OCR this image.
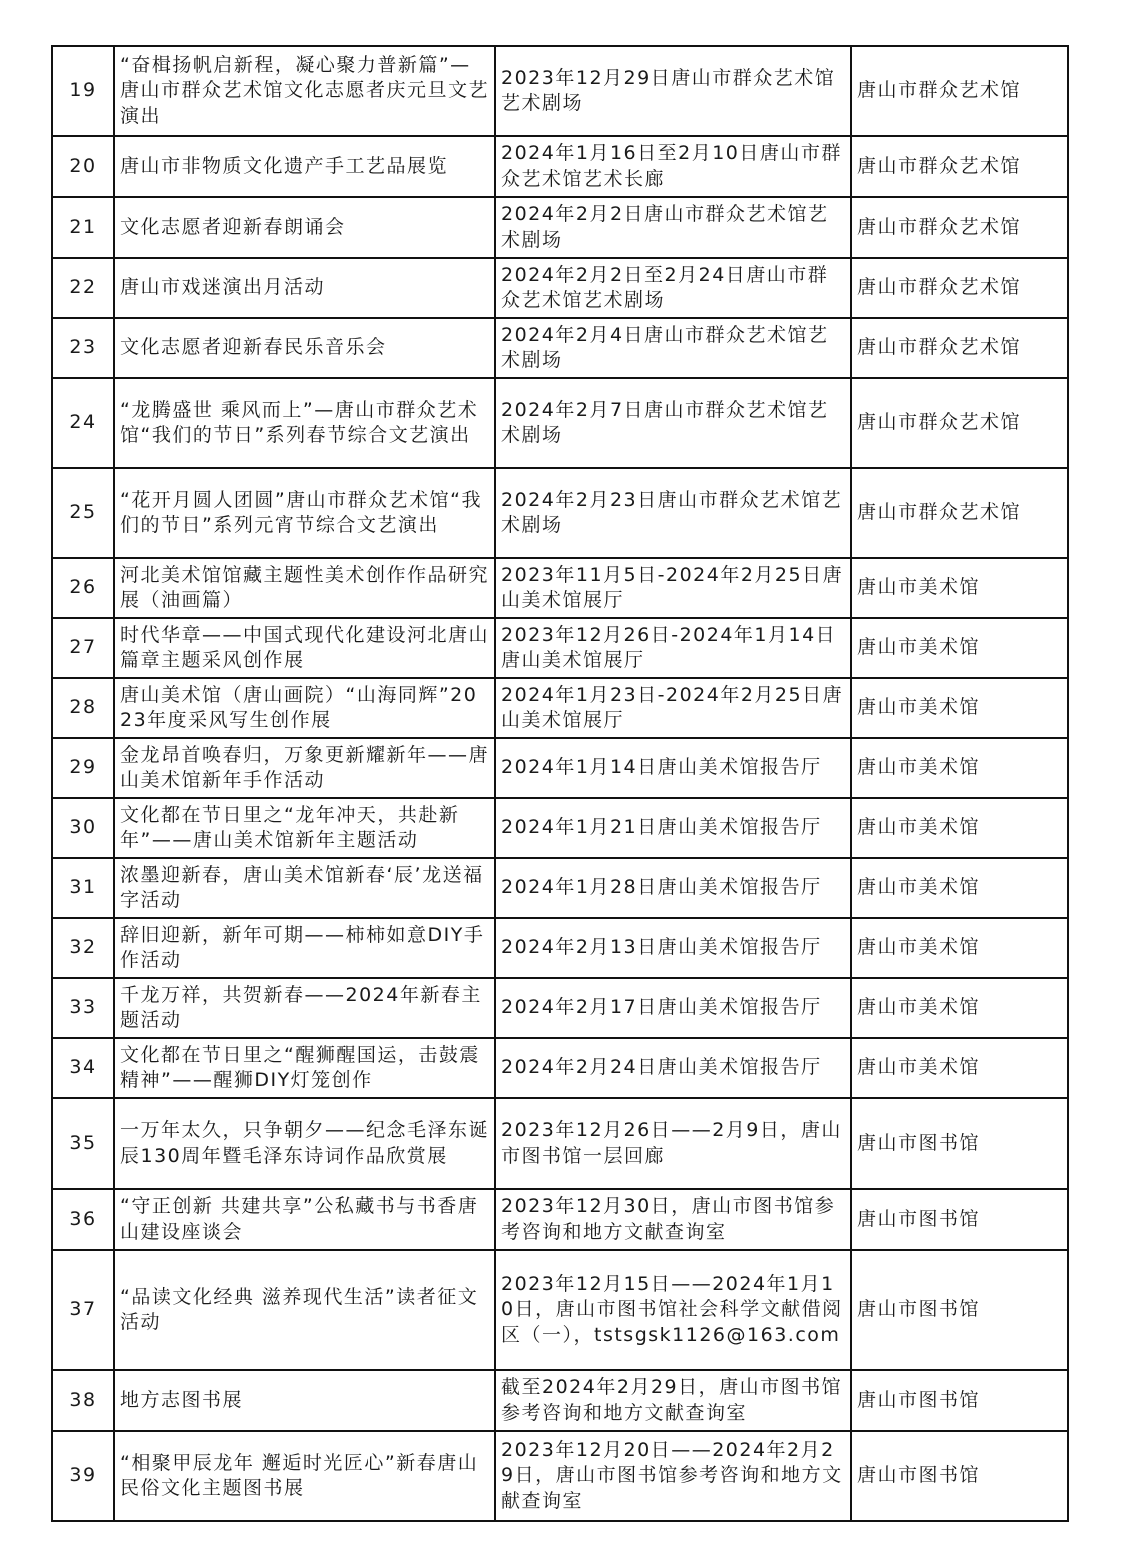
19	“奋楫扬帆启新程，凝心聚力普新篇”—唐山市群众艺术馆文化志愿者庆元旦文艺演出	2023年12月29日唐山市群众艺术馆艺术剧场	唐山市群众艺术馆
20	唐山市非物质文化遗产手工艺品展览	2024年1月16日至2月10日唐山市群众艺术馆艺术长廊	唐山市群众艺术馆
21	文化志愿者迎新春朗诵会	2024年2月2日唐山市群众艺术馆艺术剧场	唐山市群众艺术馆
22	唐山市戏迷演出月活动	2024年2月2日至2月24日唐山市群众艺术馆艺术剧场	唐山市群众艺术馆
23	文化志愿者迎新春民乐音乐会	2024年2月4日唐山市群众艺术馆艺术剧场	唐山市群众艺术馆
24	“龙腾盛世 乘风而上”—唐山市群众艺术馆“我们的节日”系列春节综合文艺演出	2024年2月7日唐山市群众艺术馆艺术剧场	唐山市群众艺术馆
25	“花开月圆人团圆”唐山市群众艺术馆“我们的节日”系列元宵节综合文艺演出	2024年2月23日唐山市群众艺术馆艺术剧场	唐山市群众艺术馆
26	河北美术馆馆藏主题性美术创作作品研究展（油画篇）	2023年11月5日-2024年2月25日唐山美术馆展厅	唐山市美术馆
27	时代华章——中国式现代化建设河北唐山篇章主题采风创作展	2023年12月26日-2024年1月14日唐山美术馆展厅	唐山市美术馆
28	唐山美术馆（唐山画院）“山海同辉”2023年度采风写生创作展	2024年1月23日-2024年2月25日唐山美术馆展厅	唐山市美术馆
29	金龙昂首唤春归，万象更新耀新年——唐山美术馆新年手作活动	2024年1月14日唐山美术馆报告厅	唐山市美术馆
30	文化都在节日里之“龙年冲天，共赴新年”——唐山美术馆新年主题活动	2024年1月21日唐山美术馆报告厅	唐山市美术馆
31	浓墨迎新春，唐山美术馆新春‘辰’龙送福字活动	2024年1月28日唐山美术馆报告厅	唐山市美术馆
32	辞旧迎新，新年可期——柿柿如意DIY手作活动	2024年2月13日唐山美术馆报告厅	唐山市美术馆
33	千龙万祥，共贺新春——2024年新春主题活动	2024年2月17日唐山美术馆报告厅	唐山市美术馆
34	文化都在节日里之“醒狮醒国运，击鼓震精神”——醒狮DIY灯笼创作	2024年2月24日唐山美术馆报告厅	唐山市美术馆
35	一万年太久，只争朝夕——纪念毛泽东诞辰130周年暨毛泽东诗词作品欣赏展	2023年12月26日——2月9日，唐山市图书馆一层回廊	唐山市图书馆
36	“守正创新 共建共享”公私藏书与书香唐山建设座谈会	2023年12月30日，唐山市图书馆参考咨询和地方文献查询室	唐山市图书馆
37	“品读文化经典 滋养现代生活”读者征文活动	2023年12月15日——2024年1月10日，唐山市图书馆社会科学文献借阅区（一），tstsgsk1126@163.com	唐山市图书馆
38	地方志图书展	截至2024年2月29日，唐山市图书馆参考咨询和地方文献查询室	唐山市图书馆
39	“相聚甲辰龙年 邂逅时光匠心”新春唐山民俗文化主题图书展	2023年12月20日——2024年2月29日，唐山市图书馆参考咨询和地方文献查询室	唐山市图书馆
